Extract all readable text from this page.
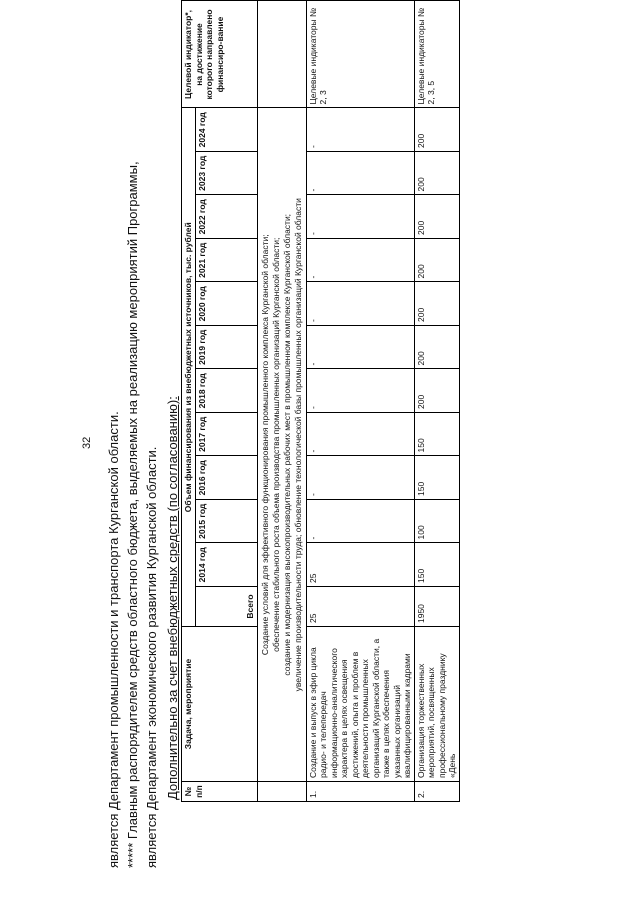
32 является Департамент промышленности и транспорта Курганской области. ***** Главным распорядителем средств областного бюджета, выделяемых на реализацию мероприятий Программы, является Департамент экономического развития Курганской области. Дополнительно за счет внебюджетных средств (по согласованию): № п/п	Задача, мероприятие	Объем финансирования из внебюджетных источников, тыс. рублей												Целевой индикатор*, на достижение которого направлено финансиро-вание
		Всего	2014 год	2015 год	2016 год	2017 год	2018 год	2019 год	2020 год	2021 год	2022 год	2023 год	2024 год	

	Создание условий для эффективного функционирования промышленного комплекса Курганской области; обеспечение стабильного роста объема производства промышленных организаций Курганской области; создание и модернизация высокопроизводительных рабочих мест в промышленном комплексе Курганской области; увеличение производительности труда; обновление технологической базы промышленных организаций Курганской области													

1.	Создание и выпуск в эфир цикла радио- и телепередач информационно-аналитического характера в целях освещения достижений, опыта и проблем в деятельности промышленных организаций Курганской области, а также в целях обеспечения указанных организаций квалифицированными кадрами	25	25	-	-	-	-	-	-	-	-	-	-	Целевые индикаторы № 2, 3
2.	Организация торжественных мероприятий, посвященных профессиональному празднику «День	1950	150	100	150	150	200	200	200	200	200	200	200	Целевые индикаторы № 2, 3, 5
